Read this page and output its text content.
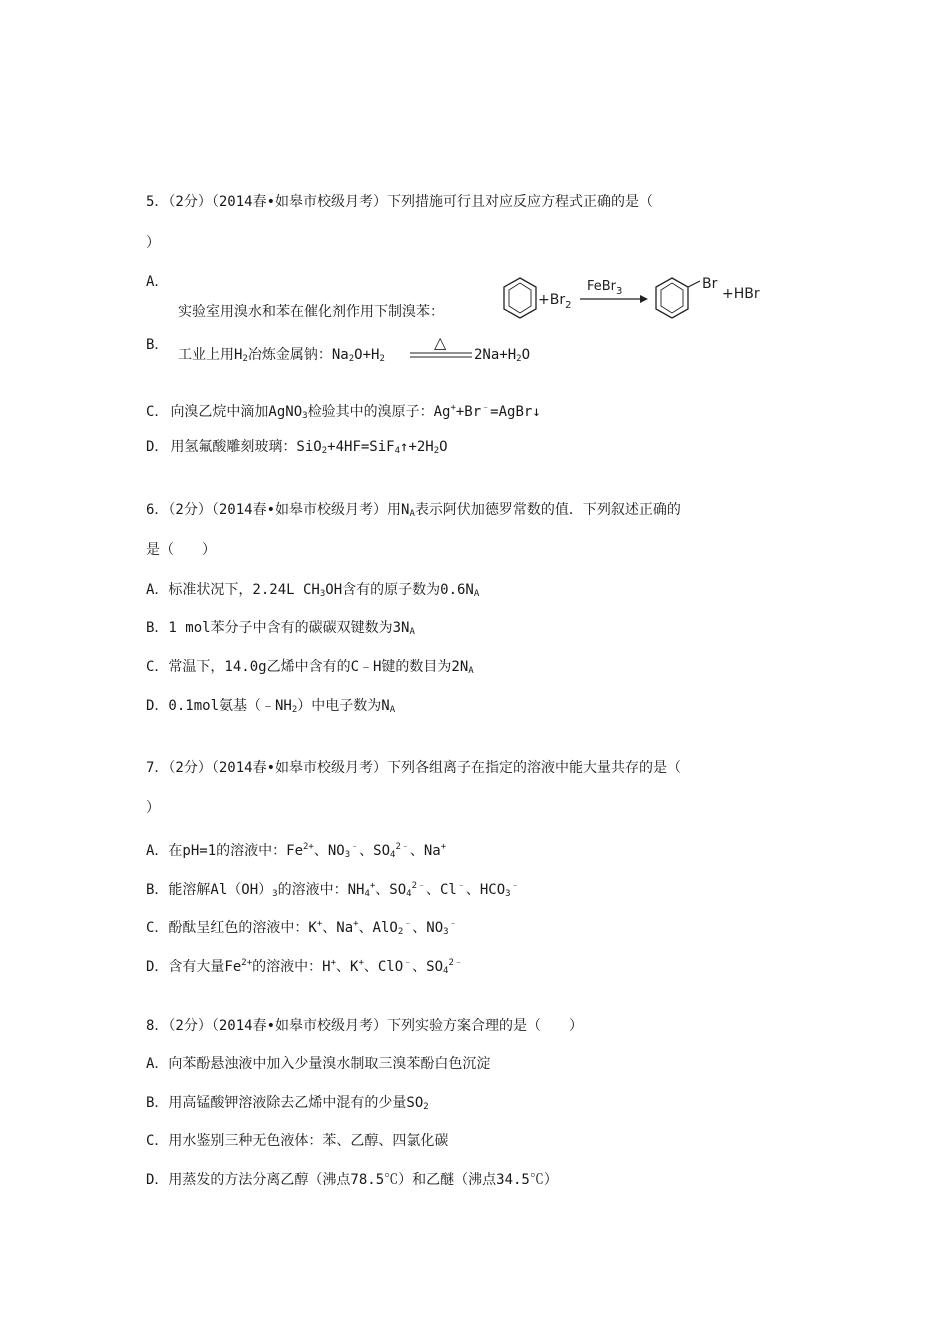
5．（2分）（2014春•如皋市校级月考）下列措施可行且对应反应方程式正确的是（
）
A．
实验室用溴水和苯在催化剂作用下制溴苯：
$+Br_2$
FeBr$_3$	Br
+HBr
B．
工业上用$H_2$冶炼金属钠：$Na_2O+H_2$
△
$2Na+H_2O$
C． 向溴乙烷中滴加AgNO$_3$检验其中的溴原子：Ag++Br﹣=AgBr↓
D． 用氢氟酸雕刻玻璃：$SiO_2+4HF=SiF_4↑+2H_2O$
6．（2分）（2014春•如皋市校级月考）用$N_A$表示阿伏加德罗常数的值．下列叙述正确的
是（　　）
A．标准状况下，2.24L $CH_3OH$含有的原子数为$0.6N_A$
B．1 mol苯分子中含有的碳碳双键数为$3N_A$
C．常温下，14.0g乙烯中含有的C﹣H键的数目为$2N_A$
D．0.1mol氨基$(﹣NH_2)$中电子数为$N_A$
7．（2分）（2014春•如皋市校级月考）下列各组离子在指定的溶液中能大量共存的是（
）
A．在pH=1的溶液中：$Fe^{2+}$、$NO_3^﹣$、$SO_4^{2﹣}$、Na+
B．能溶解$Al(OH)_3$的溶液中：$NH_4^+$、$SO_4^{2﹣}$、Cl﹣、$HCO_3^﹣$
C．酚酞呈红色的溶液中：K+、Na+、AlO$_2$﹣、$NO_3^﹣$
D．含有大量$Fe^{2+}$的溶液中：H+、K+、ClO﹣、$SO_4^{2﹣}$
8．（2分）（2014春•如皋市校级月考）下列实验方案合理的是（　　）
A．向苯酚悬浊液中加入少量溴水制取三溴苯酚白色沉淀
B．用高锰酸钾溶液除去乙烯中混有的少量$SO_2$
C．用水鉴别三种无色液体：苯、乙醇、四氯化碳
D．用蒸发的方法分离乙醇（沸点78.5℃）和乙醚（沸点34.5℃）
